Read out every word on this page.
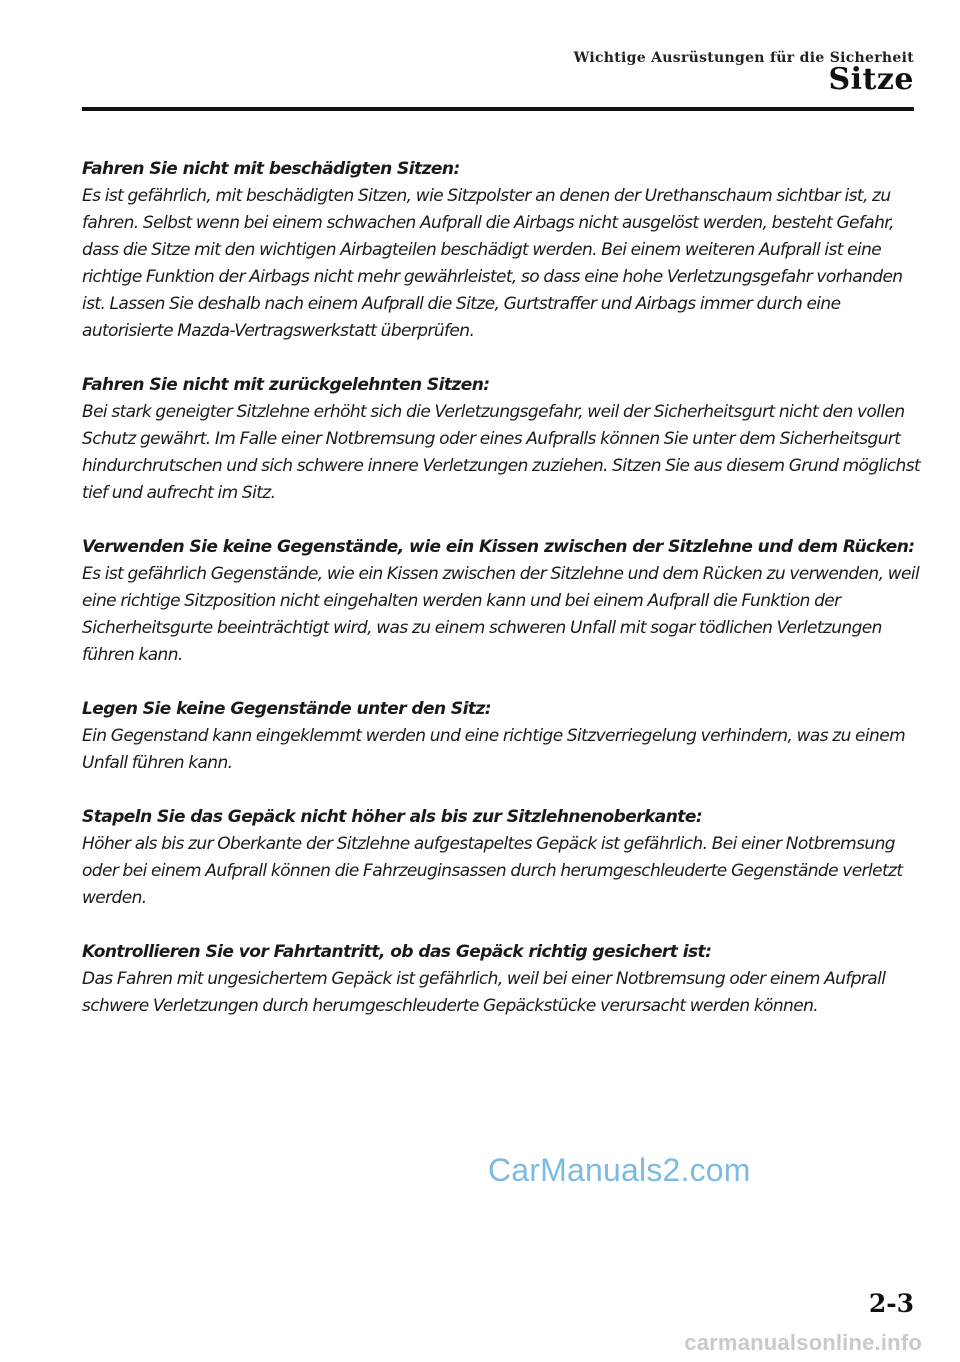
Wichtige Ausrüstungen für die Sicherheit
Sitze
Fahren Sie nicht mit beschädigten Sitzen:
Es ist gefährlich, mit beschädigten Sitzen, wie Sitzpolster an denen der Urethanschaum sichtbar ist, zu fahren. Selbst wenn bei einem schwachen Aufprall die Airbags nicht ausgelöst werden, besteht Gefahr, dass die Sitze mit den wichtigen Airbagteilen beschädigt werden. Bei einem weiteren Aufprall ist eine richtige Funktion der Airbags nicht mehr gewährleistet, so dass eine hohe Verletzungsgefahr vorhanden ist. Lassen Sie deshalb nach einem Aufprall die Sitze, Gurtstraffer und Airbags immer durch eine autorisierte Mazda-Vertragswerkstatt überprüfen.
Fahren Sie nicht mit zurückgelehnten Sitzen:
Bei stark geneigter Sitzlehne erhöht sich die Verletzungsgefahr, weil der Sicherheitsgurt nicht den vollen Schutz gewährt. Im Falle einer Notbremsung oder eines Aufpralls können Sie unter dem Sicherheitsgurt hindurchrutschen und sich schwere innere Verletzungen zuziehen. Sitzen Sie aus diesem Grund möglichst tief und aufrecht im Sitz.
Verwenden Sie keine Gegenstände, wie ein Kissen zwischen der Sitzlehne und dem Rücken:
Es ist gefährlich Gegenstände, wie ein Kissen zwischen der Sitzlehne und dem Rücken zu verwenden, weil eine richtige Sitzposition nicht eingehalten werden kann und bei einem Aufprall die Funktion der Sicherheitsgurte beeinträchtigt wird, was zu einem schweren Unfall mit sogar tödlichen Verletzungen führen kann.
Legen Sie keine Gegenstände unter den Sitz:
Ein Gegenstand kann eingeklemmt werden und eine richtige Sitzverriegelung verhindern, was zu einem Unfall führen kann.
Stapeln Sie das Gepäck nicht höher als bis zur Sitzlehnenoberkante:
Höher als bis zur Oberkante der Sitzlehne aufgestapeltes Gepäck ist gefährlich. Bei einer Notbremsung oder bei einem Aufprall können die Fahrzeuginsassen durch herumgeschleuderte Gegenstände verletzt werden.
Kontrollieren Sie vor Fahrtantritt, ob das Gepäck richtig gesichert ist:
Das Fahren mit ungesichertem Gepäck ist gefährlich, weil bei einer Notbremsung oder einem Aufprall schwere Verletzungen durch herumgeschleuderte Gepäckstücke verursacht werden können.
CarManuals2.com
2-3
carmanualsonline.info
